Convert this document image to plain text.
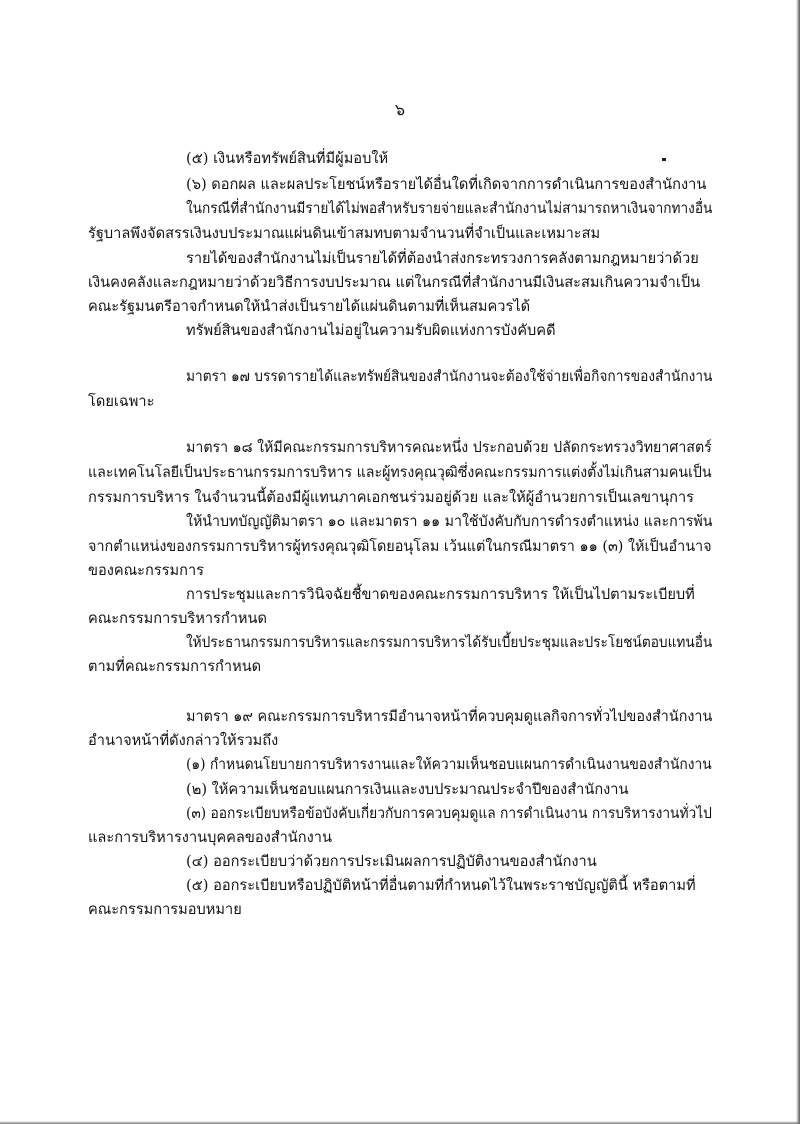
๖
(๕) เงินหรือทรัพย์สินที่มีผู้มอบให้
(๖) ดอกผล และผลประโยชน์หรือรายได้อื่นใดที่เกิดจากการดำเนินการของสำนักงาน
ในกรณีที่สำนักงานมีรายได้ไม่พอสำหรับรายจ่ายและสำนักงานไม่สามารถหาเงินจากทางอื่น
รัฐบาลพึงจัดสรรเงินงบประมาณแผ่นดินเข้าสมทบตามจำนวนที่จำเป็นและเหมาะสม
รายได้ของสำนักงานไม่เป็นรายได้ที่ต้องนำส่งกระทรวงการคลังตามกฎหมายว่าด้วย
เงินคงคลังและกฎหมายว่าด้วยวิธีการงบประมาณ แต่ในกรณีที่สำนักงานมีเงินสะสมเกินความจำเป็น
คณะรัฐมนตรีอาจกำหนดให้นำส่งเป็นรายได้แผ่นดินตามที่เห็นสมควรได้
ทรัพย์สินของสำนักงานไม่อยู่ในความรับผิดแห่งการบังคับคดี
มาตรา ๑๗ บรรดารายได้และทรัพย์สินของสำนักงานจะต้องใช้จ่ายเพื่อกิจการของสำนักงาน
โดยเฉพาะ
มาตรา ๑๘ ให้มีคณะกรรมการบริหารคณะหนึ่ง ประกอบด้วย ปลัดกระทรวงวิทยาศาสตร์
และเทคโนโลยีเป็นประธานกรรมการบริหาร และผู้ทรงคุณวุฒิซึ่งคณะกรรมการแต่งตั้งไม่เกินสามคนเป็น
กรรมการบริหาร ในจำนวนนี้ต้องมีผู้แทนภาคเอกชนร่วมอยู่ด้วย และให้ผู้อำนวยการเป็นเลขานุการ
ให้นำบทบัญญัติมาตรา ๑๐ และมาตรา ๑๑ มาใช้บังคับกับการดำรงตำแหน่ง และการพ้น
จากตำแหน่งของกรรมการบริหารผู้ทรงคุณวุฒิโดยอนุโลม เว้นแต่ในกรณีมาตรา ๑๑ (๓) ให้เป็นอำนาจ
ของคณะกรรมการ
การประชุมและการวินิจฉัยชี้ขาดของคณะกรรมการบริหาร ให้เป็นไปตามระเบียบที่
คณะกรรมการบริหารกำหนด
ให้ประธานกรรมการบริหารและกรรมการบริหารได้รับเบี้ยประชุมและประโยชน์ตอบแทนอื่น
ตามที่คณะกรรมการกำหนด
มาตรา ๑๙ คณะกรรมการบริหารมีอำนาจหน้าที่ควบคุมดูแลกิจการทั่วไปของสำนักงาน
อำนาจหน้าที่ดังกล่าวให้รวมถึง
(๑) กำหนดนโยบายการบริหารงานและให้ความเห็นชอบแผนการดำเนินงานของสำนักงาน
(๒) ให้ความเห็นชอบแผนการเงินและงบประมาณประจำปีของสำนักงาน
(๓) ออกระเบียบหรือข้อบังคับเกี่ยวกับการควบคุมดูแล การดำเนินงาน การบริหารงานทั่วไป
และการบริหารงานบุคคลของสำนักงาน
(๔) ออกระเบียบว่าด้วยการประเมินผลการปฏิบัติงานของสำนักงาน
(๕) ออกระเบียบหรือปฏิบัติหน้าที่อื่นตามที่กำหนดไว้ในพระราชบัญญัตินี้ หรือตามที่
คณะกรรมการมอบหมาย
